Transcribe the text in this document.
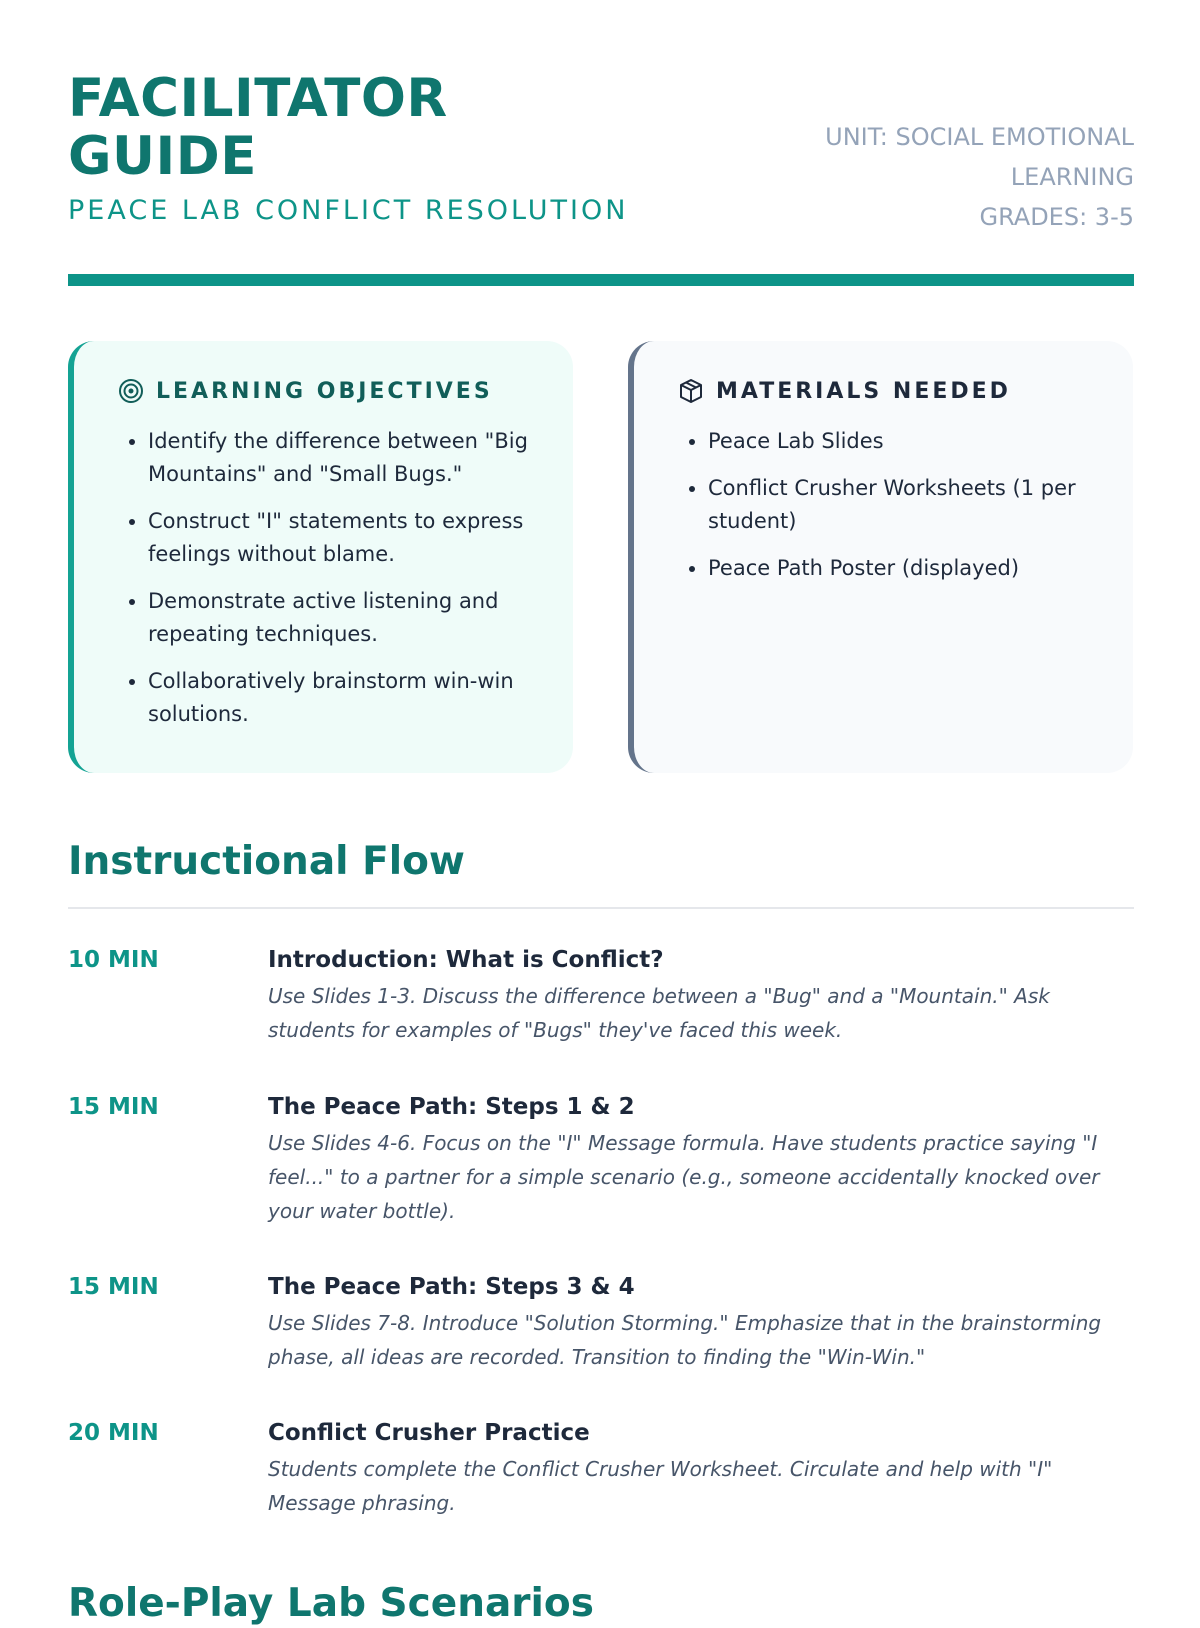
FACILITATOR GUIDE
PEACE LAB CONFLICT RESOLUTION
UNIT: SOCIAL EMOTIONAL LEARNING
GRADES: 3-5
LEARNING OBJECTIVES
• Identify the difference between "Big Mountains" and "Small Bugs."
• Construct "I" statements to express feelings without blame.
• Demonstrate active listening and repeating techniques.
• Collaboratively brainstorm win-win solutions.
MATERIALS NEEDED
• Peace Lab Slides
• Conflict Crusher Worksheets (1 per student)
• Peace Path Poster (displayed)
Instructional Flow
10 MIN	Introduction: What is Conflict?
Use Slides 1-3. Discuss the difference between a "Bug" and a "Mountain." Ask students for examples of "Bugs" they've faced this week.
15 MIN	The Peace Path: Steps 1 & 2
Use Slides 4-6. Focus on the "I" Message formula. Have students practice saying "I feel..." to a partner for a simple scenario (e.g., someone accidentally knocked over your water bottle).
15 MIN	The Peace Path: Steps 3 & 4
Use Slides 7-8. Introduce "Solution Storming." Emphasize that in the brainstorming phase, all ideas are recorded. Transition to finding the "Win-Win."
20 MIN	Conflict Crusher Practice
Students complete the Conflict Crusher Worksheet. Circulate and help with "I" Message phrasing.
Role-Play Lab Scenarios
